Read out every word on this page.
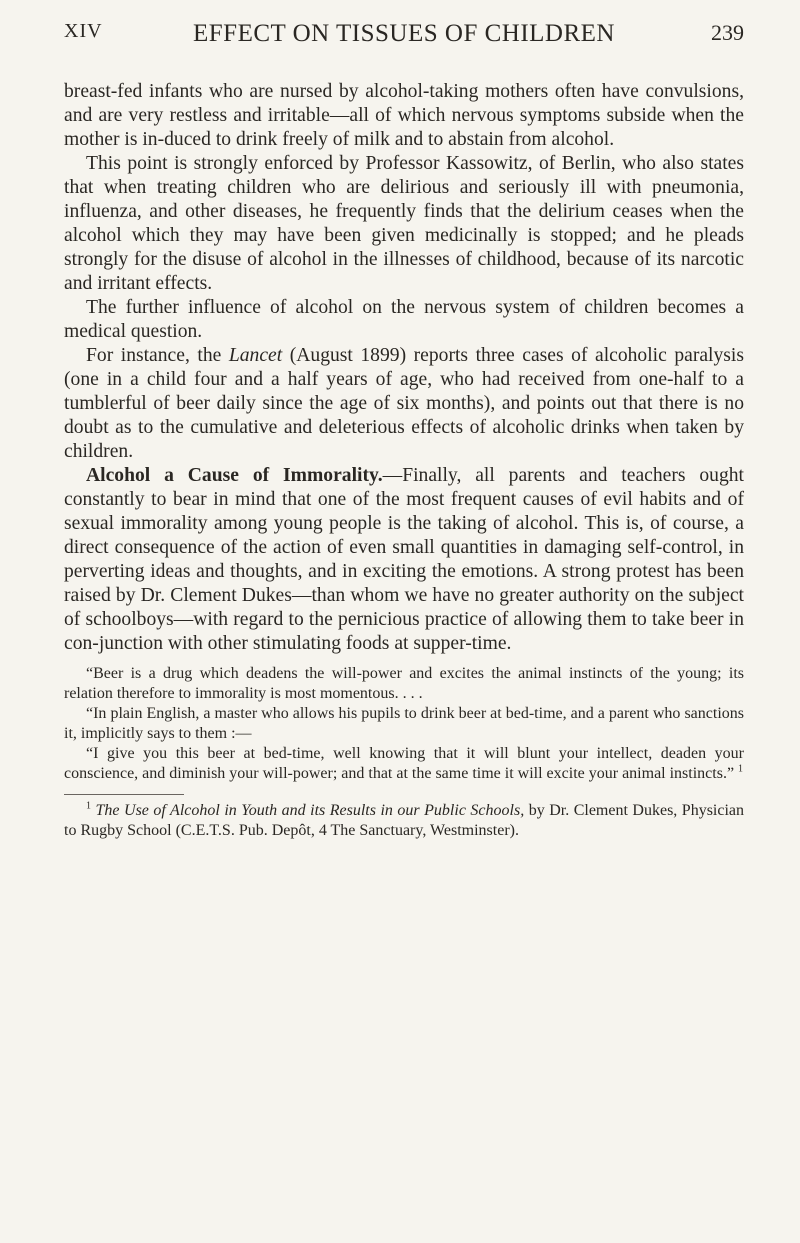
XIV	EFFECT ON TISSUES OF CHILDREN	239

breast-fed infants who are nursed by alcohol-taking mothers often have convulsions, and are very restless and irritable—all of which nervous symptoms subside when the mother is in-duced to drink freely of milk and to abstain from alcohol.

This point is strongly enforced by Professor Kassowitz, of Berlin, who also states that when treating children who are delirious and seriously ill with pneumonia, influenza, and other diseases, he frequently finds that the delirium ceases when the alcohol which they may have been given medicinally is stopped; and he pleads strongly for the disuse of alcohol in the illnesses of childhood, because of its narcotic and irritant effects.

The further influence of alcohol on the nervous system of children becomes a medical question.

For instance, the Lancet (August 1899) reports three cases of alcoholic paralysis (one in a child four and a half years of age, who had received from one-half to a tumblerful of beer daily since the age of six months), and points out that there is no doubt as to the cumulative and deleterious effects of alcoholic drinks when taken by children.

Alcohol a Cause of Immorality.—Finally, all parents and teachers ought constantly to bear in mind that one of the most frequent causes of evil habits and of sexual immorality among young people is the taking of alcohol. This is, of course, a direct consequence of the action of even small quantities in damaging self-control, in perverting ideas and thoughts, and in exciting the emotions. A strong protest has been raised by Dr. Clement Dukes—than whom we have no greater authority on the subject of schoolboys—with regard to the pernicious practice of allowing them to take beer in con-junction with other stimulating foods at supper-time.

“Beer is a drug which deadens the will-power and excites the animal instincts of the young; its relation therefore to immorality is most momentous. . . .

“In plain English, a master who allows his pupils to drink beer at bed-time, and a parent who sanctions it, implicitly says to them :—

“I give you this beer at bed-time, well knowing that it will blunt your intellect, deaden your conscience, and diminish your will-power; and that at the same time it will excite your animal instincts.” $^1$

$^1$ The Use of Alcohol in Youth and its Results in our Public Schools, by Dr. Clement Dukes, Physician to Rugby School (C.E.T.S. Pub. Depôt, 4 The Sanctuary, Westminster).
